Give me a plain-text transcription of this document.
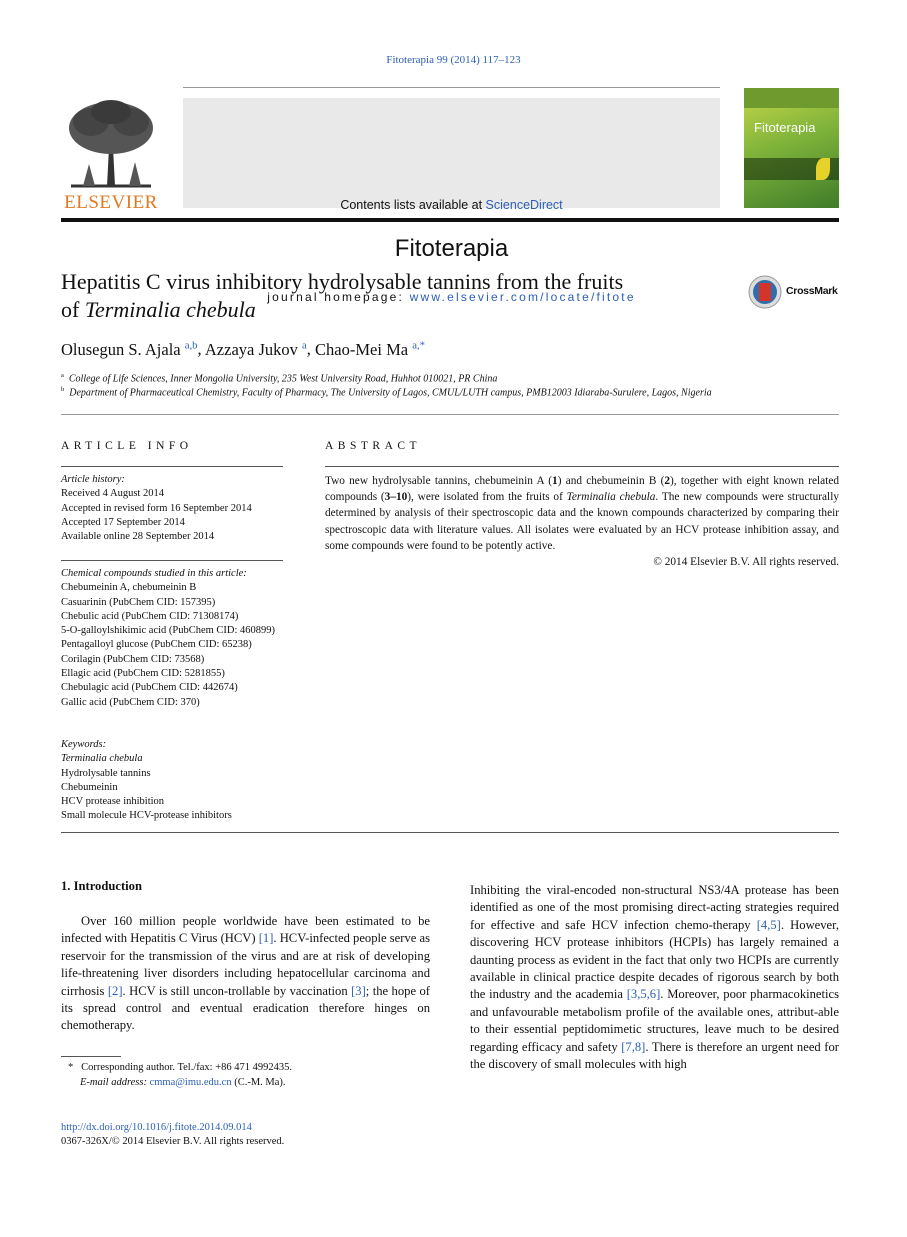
Fitoterapia 99 (2014) 117–123
ELSEVIER	Contents lists available at ScienceDirect
Fitoterapia
journal homepage: www.elsevier.com/locate/fitote
Fitoterapia
Hepatitis C virus inhibitory hydrolysable tannins from the fruits
of Terminalia chebula
CrossMark
Olusegun S. Ajala $^{a,b}$, Azzaya Jukov $^a$, Chao-Mei Ma $^{a,*}$
$^a$ College of Life Sciences, Inner Mongolia University, 235 West University Road, Huhhot 010021, PR China
$^b$ Department of Pharmaceutical Chemistry, Faculty of Pharmacy, The University of Lagos, CMUL/LUTH campus, PMB12003 Idiaraba-Surulere, Lagos, Nigeria
ARTICLE INFO
Article history:
Received 4 August 2014
Accepted in revised form 16 September 2014
Accepted 17 September 2014
Available online 28 September 2014
Chemical compounds studied in this article:
Chebumeinin A, chebumeinin B
Casuarinin (PubChem CID: 157395)
Chebulic acid (PubChem CID: 71308174)
5-O-galloylshikimic acid (PubChem CID: 460899)
Pentagalloyl glucose (PubChem CID: 65238)
Corilagin (PubChem CID: 73568)
Ellagic acid (PubChem CID: 5281855)
Chebulagic acid (PubChem CID: 442674)
Gallic acid (PubChem CID: 370)
Keywords:
Terminalia chebula
Hydrolysable tannins
Chebumeinin
HCV protease inhibition
Small molecule HCV-protease inhibitors
ABSTRACT
Two new hydrolysable tannins, chebumeinin A (1) and chebumeinin B (2), together with eight known related compounds (3–10), were isolated from the fruits of Terminalia chebula. The new compounds were structurally determined by analysis of their spectroscopic data and the known compounds characterized by comparing their spectroscopic data with literature values. All isolates were evaluated by an HCV protease inhibition assay, and some compounds were found to be potently active.
© 2014 Elsevier B.V. All rights reserved.
1. Introduction

Over 160 million people worldwide have been estimated to be infected with Hepatitis C Virus (HCV) [1]. HCV-infected people serve as reservoir for the transmission of the virus and are at risk of developing life-threatening liver disorders including hepatocellular carcinoma and cirrhosis [2]. HCV is still uncon-trollable by vaccination [3]; the hope of its spread control and eventual eradication therefore hinges on chemotherapy.

Inhibiting the viral-encoded non-structural NS3/4A protease has been identified as one of the most promising direct-acting strategies required for effective and safe HCV infection chemo-therapy [4,5]. However, discovering HCV protease inhibitors (HCPIs) has largely remained a daunting process as evident in the fact that only two HCPIs are currently available in clinical practice despite decades of rigorous search by both the industry and the academia [3,5,6]. Moreover, poor pharmacokinetics and unfavourable metabolism profile of the available ones, attribut-able to their essential peptidomimetic structures, leave much to be desired regarding efficacy and safety [7,8]. There is therefore an urgent need for the discovery of small molecules with high

* Corresponding author. Tel./fax: +86 471 4992435.
E-mail address: cmma@imu.edu.cn (C.-M. Ma).
http://dx.doi.org/10.1016/j.fitote.2014.09.014
0367-326X/© 2014 Elsevier B.V. All rights reserved.
